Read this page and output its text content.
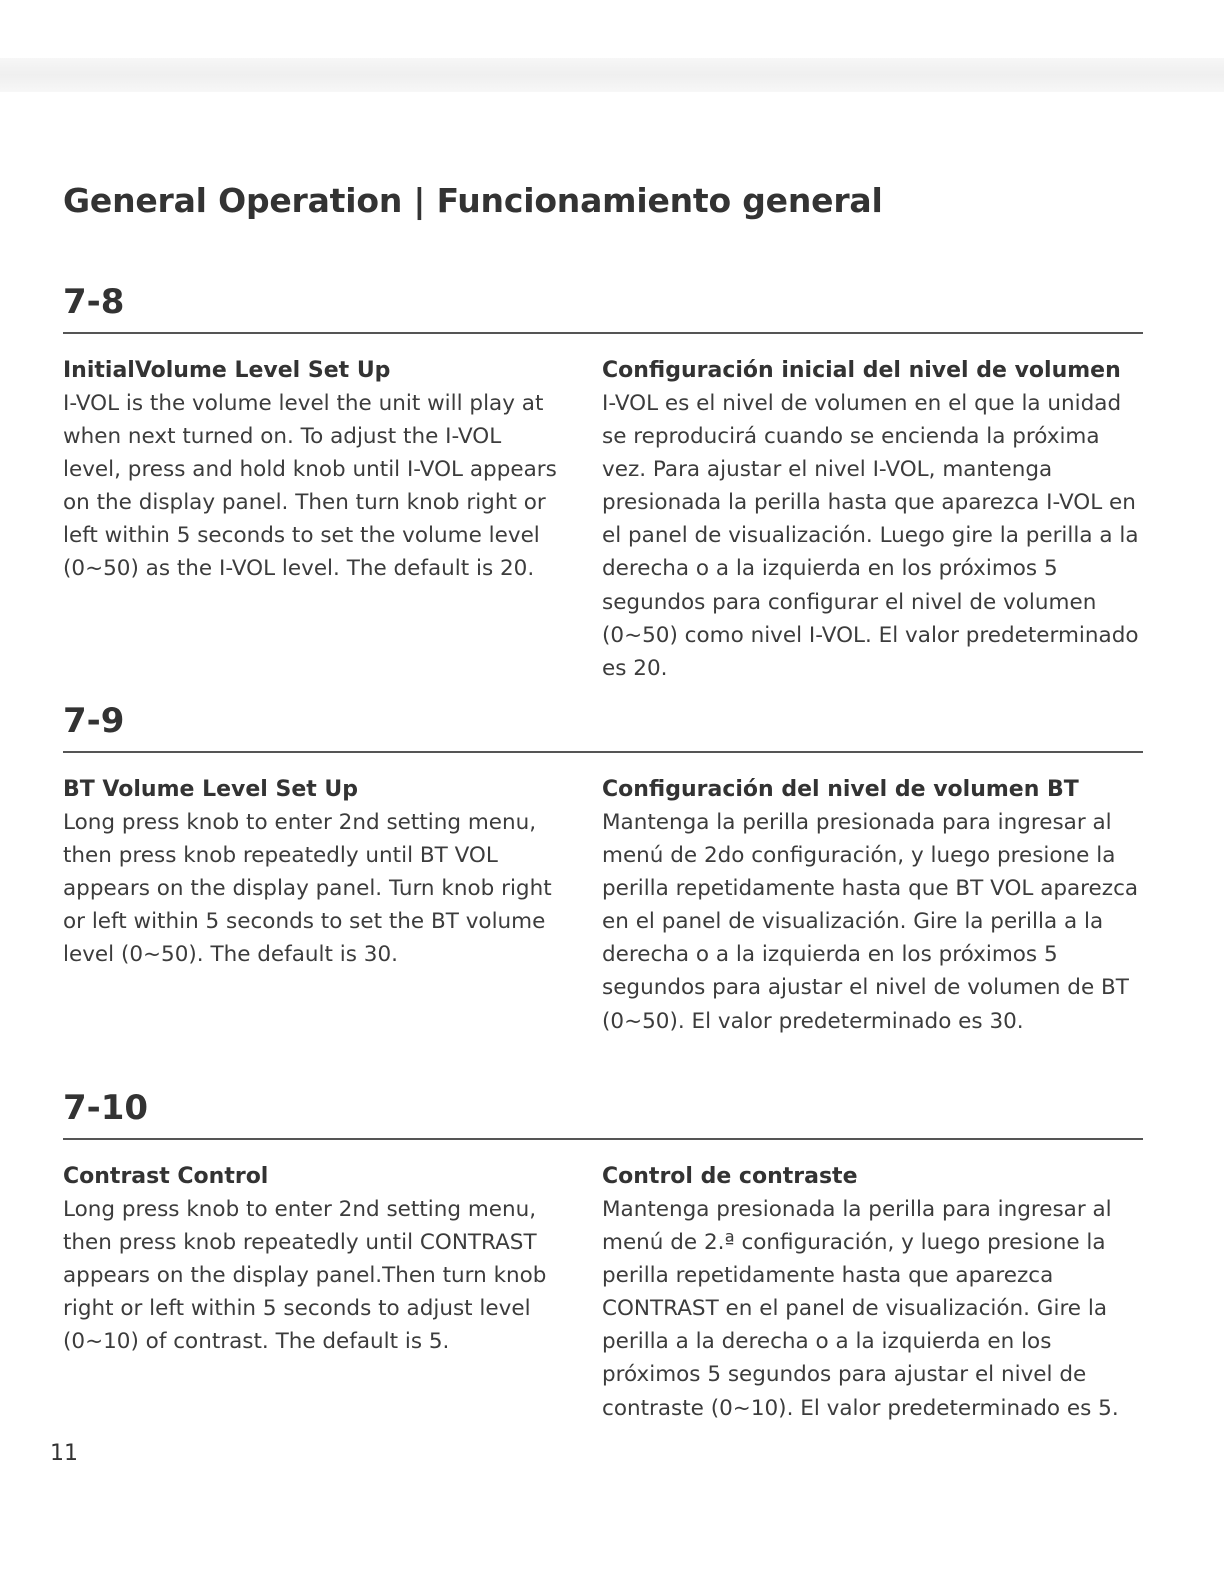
General Operation | Funcionamiento general
7-8
InitialVolume Level Set Up

I-VOL is the volume level the unit will play at when next turned on. To adjust the I-VOL level, press and hold knob until I-VOL appears on the display panel. Then turn knob right or left within 5 seconds to set the volume level (0~50) as the I-VOL level. The default is 20.

Configuración inicial del nivel de volumen

I-VOL es el nivel de volumen en el que la unidad se reproducirá cuando se encienda la próxima vez. Para ajustar el nivel I-VOL, mantenga presionada la perilla hasta que aparezca I-VOL en el panel de visualización. Luego gire la perilla a la derecha o a la izquierda en los próximos 5 segundos para configurar el nivel de volumen (0~50) como nivel I-VOL. El valor predeterminado es 20.

7-9
BT Volume Level Set Up

Long press knob to enter 2nd setting menu, then press knob repeatedly until BT VOL appears on the display panel. Turn knob right or left within 5 seconds to set the BT volume level (0~50). The default is 30.

Configuración del nivel de volumen BT

Mantenga la perilla presionada para ingresar al menú de 2do configuración, y luego presione la perilla repetidamente hasta que BT VOL aparezca en el panel de visualización. Gire la perilla a la derecha o a la izquierda en los próximos 5 segundos para ajustar el nivel de volumen de BT (0~50). El valor predeterminado es 30.

7-10
Contrast Control

Long press knob to enter 2nd setting menu, then press knob repeatedly until CONTRAST appears on the display panel.Then turn knob right or left within 5 seconds to adjust level (0~10) of contrast. The default is 5.

Control de contraste

Mantenga presionada la perilla para ingresar al menú de 2.ª configuración, y luego presione la perilla repetidamente hasta que aparezca CONTRAST en el panel de visualización. Gire la perilla a la derecha o a la izquierda en los próximos 5 segundos para ajustar el nivel de contraste (0~10). El valor predeterminado es 5.

11
